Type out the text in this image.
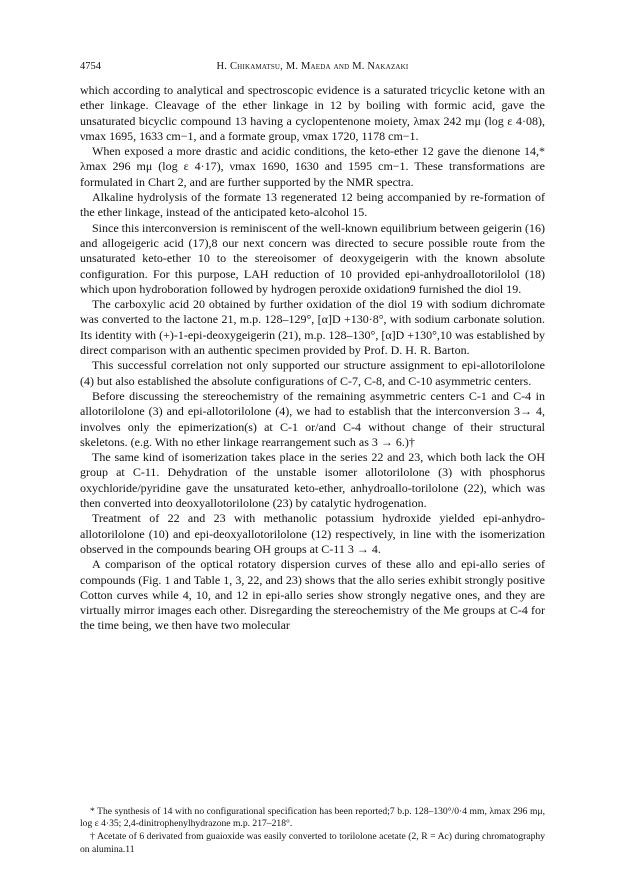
4754	H. Chikamatsu, M. Maeda and M. Nakazaki

which according to analytical and spectroscopic evidence is a saturated tricyclic ketone with an ether linkage. Cleavage of the ether linkage in 12 by boiling with formic acid, gave the unsaturated bicyclic compound 13 having a cyclopentenone moiety, λmax 242 mμ (log ε 4·08), νmax 1695, 1633 cm−1, and a formate group, νmax 1720, 1178 cm−1.

When exposed a more drastic and acidic conditions, the keto-ether 12 gave the dienone 14,* λmax 296 mμ (log ε 4·17), νmax 1690, 1630 and 1595 cm−1. These transformations are formulated in Chart 2, and are further supported by the NMR spectra.

Alkaline hydrolysis of the formate 13 regenerated 12 being accompanied by re-formation of the ether linkage, instead of the anticipated keto-alcohol 15.

Since this interconversion is reminiscent of the well-known equilibrium between geigerin (16) and allogeigeric acid (17),8 our next concern was directed to secure possible route from the unsaturated keto-ether 10 to the stereoisomer of deoxygeigerin with the known absolute configuration. For this purpose, LAH reduction of 10 provided epi-anhydroallotorilolol (18) which upon hydroboration followed by hydrogen peroxide oxidation9 furnished the diol 19.

The carboxylic acid 20 obtained by further oxidation of the diol 19 with sodium dichromate was converted to the lactone 21, m.p. 128–129°, [α]D +130·8°, with sodium carbonate solution. Its identity with (+)-1-epi-deoxygeigerin (21), m.p. 128–130°, [α]D +130°,10 was established by direct comparison with an authentic specimen provided by Prof. D. H. R. Barton.

This successful correlation not only supported our structure assignment to epi-allotorilolone (4) but also established the absolute configurations of C-7, C-8, and C-10 asymmetric centers.

Before discussing the stereochemistry of the remaining asymmetric centers C-1 and C-4 in allotorilolone (3) and epi-allotorilolone (4), we had to establish that the interconversion 3→ 4, involves only the epimerization(s) at C-1 or/and C-4 without change of their structural skeletons. (e.g. With no ether linkage rearrangement such as 3 → 6.)†

The same kind of isomerization takes place in the series 22 and 23, which both lack the OH group at C-11. Dehydration of the unstable isomer allotorilolone (3) with phosphorus oxychloride/pyridine gave the unsaturated keto-ether, anhydroallo-torilolone (22), which was then converted into deoxyallotorilolone (23) by catalytic hydrogenation.

Treatment of 22 and 23 with methanolic potassium hydroxide yielded epi-anhydro-allotorilolone (10) and epi-deoxyallotorilolone (12) respectively, in line with the isomerization observed in the compounds bearing OH groups at C-11 3 → 4.

A comparison of the optical rotatory dispersion curves of these allo and epi-allo series of compounds (Fig. 1 and Table 1, 3, 22, and 23) shows that the allo series exhibit strongly positive Cotton curves while 4, 10, and 12 in epi-allo series show strongly negative ones, and they are virtually mirror images each other. Disregarding the stereochemistry of the Me groups at C-4 for the time being, we then have two molecular

* The synthesis of 14 with no configurational specification has been reported;7 b.p. 128–130°/0·4 mm, λmax 296 mμ, log ε 4·35; 2,4-dinitrophenylhydrazone m.p. 217–218°.

† Acetate of 6 derivated from guaioxide was easily converted to torilolone acetate (2, R = Ac) during chromatography on alumina.11
